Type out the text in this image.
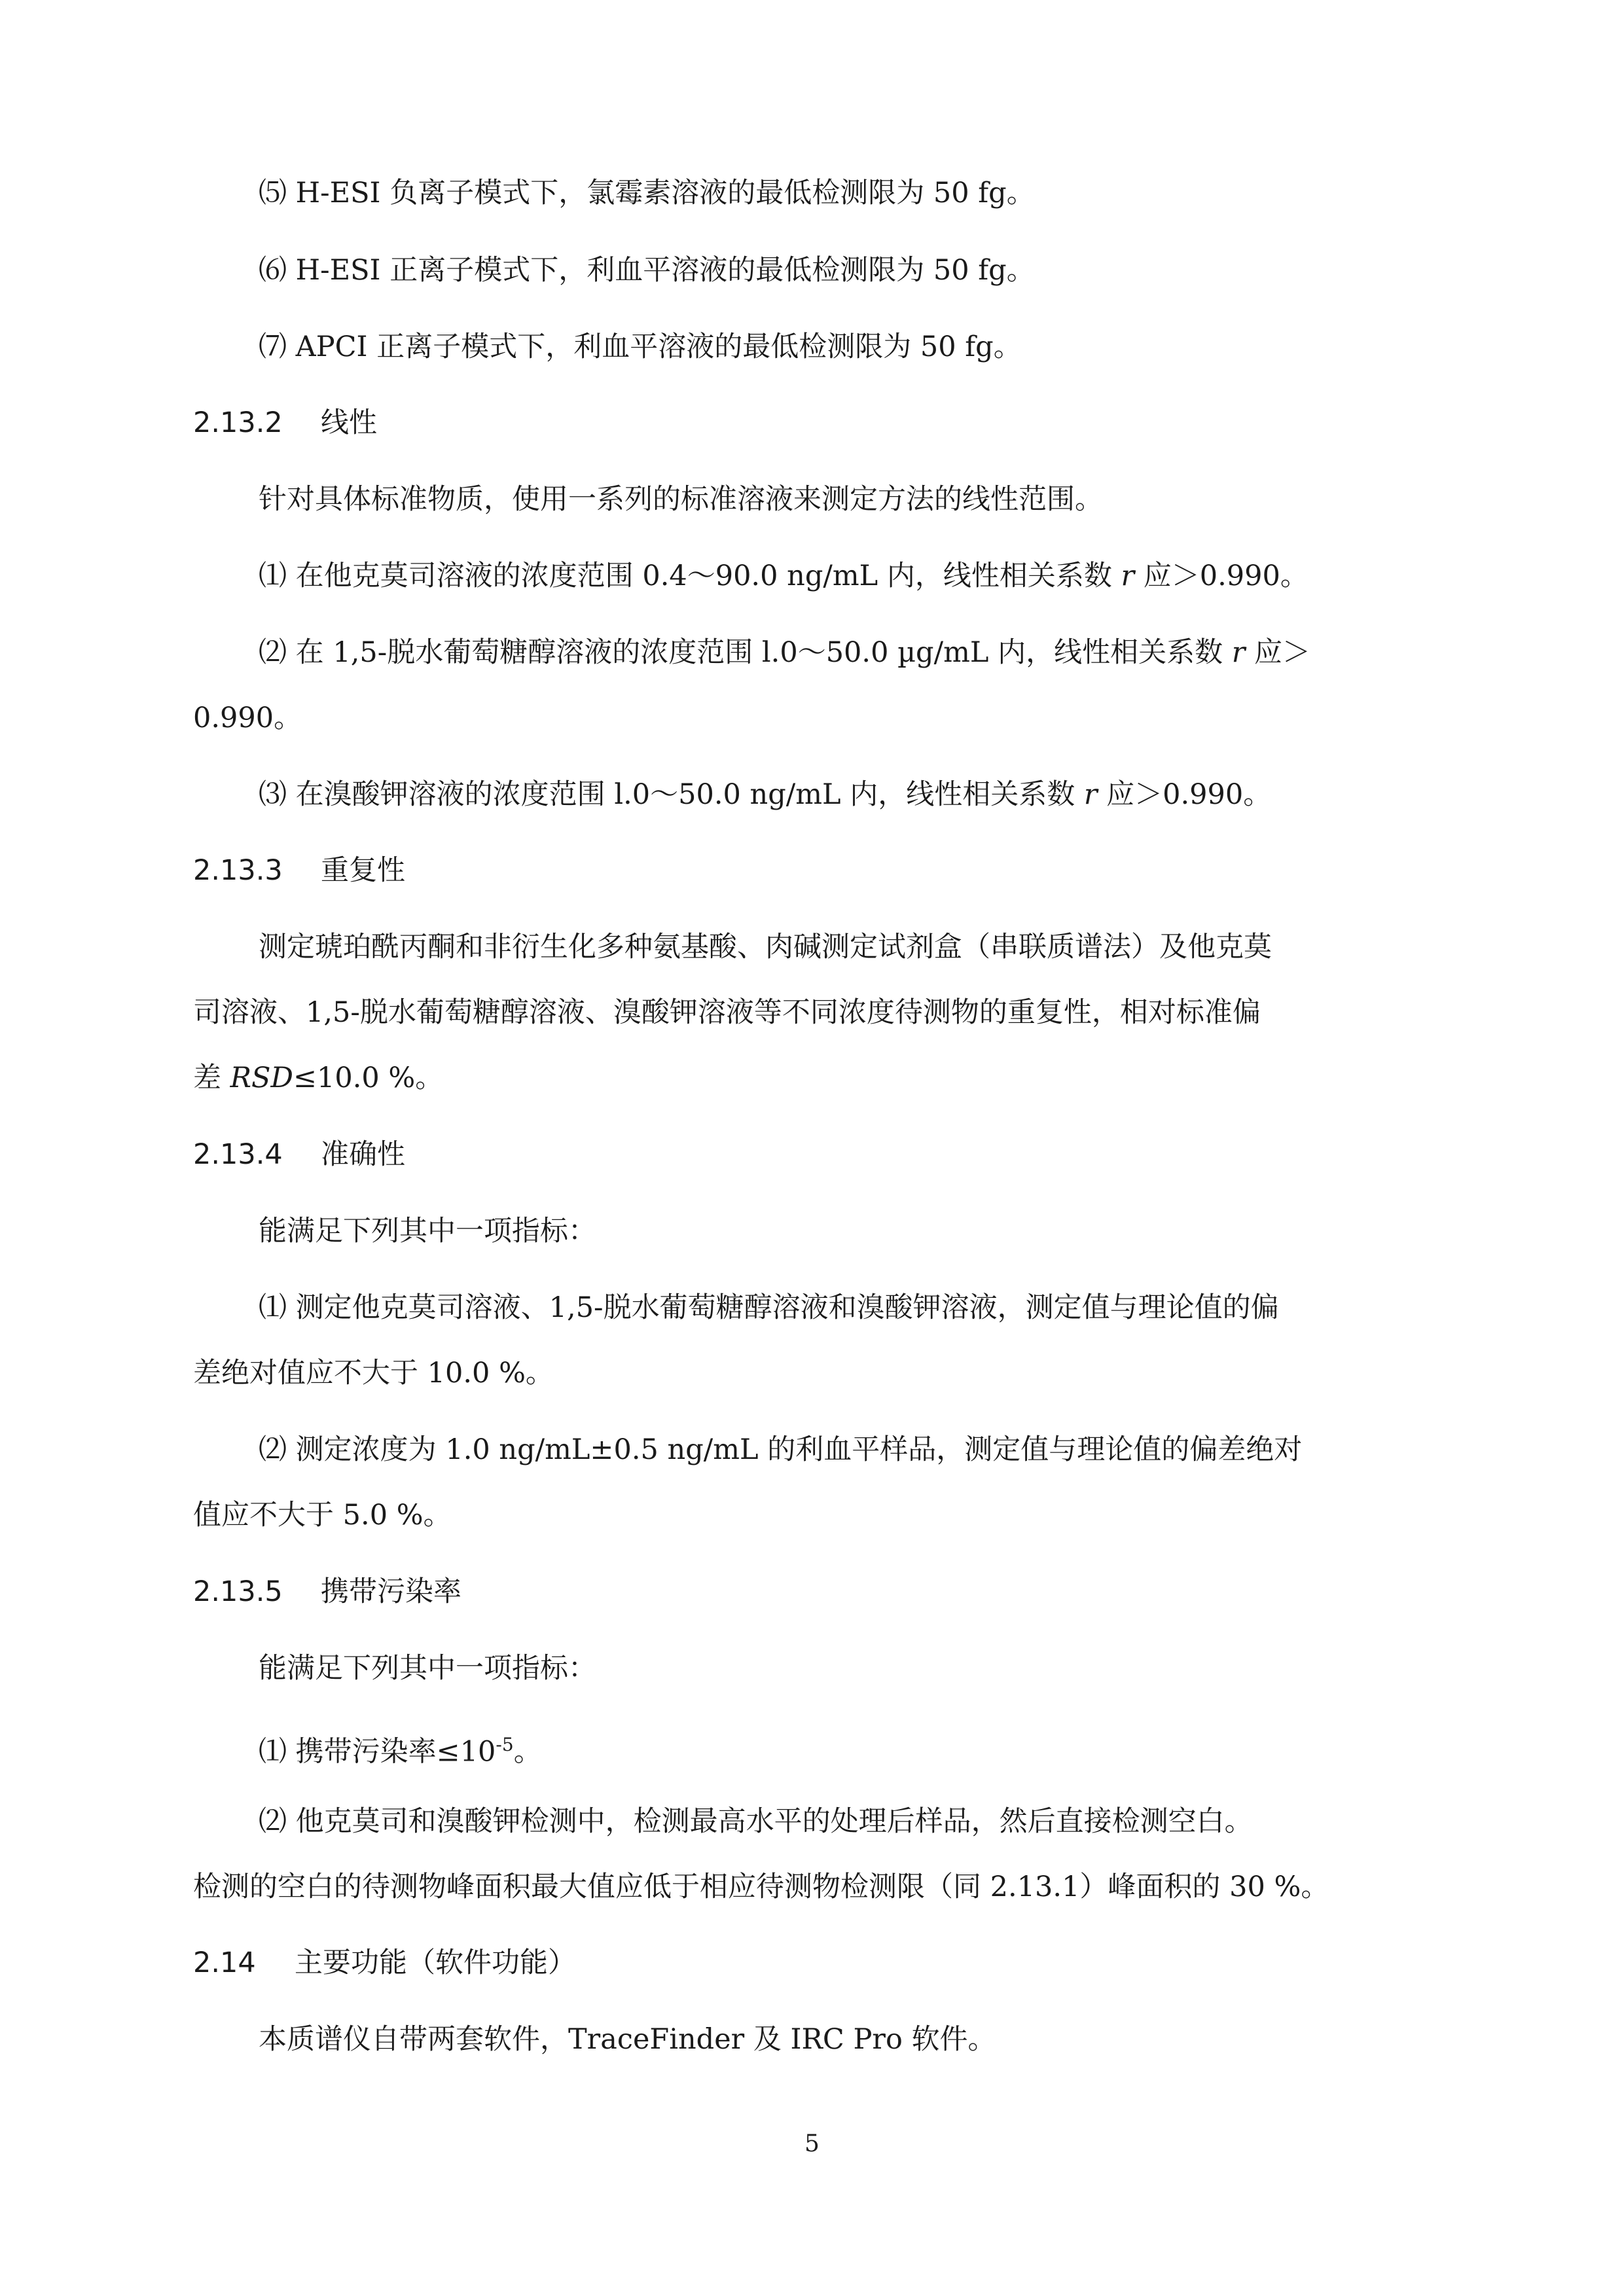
⑸ H-ESI 负离子模式下，氯霉素溶液的最低检测限为 50 fg。
⑹ H-ESI 正离子模式下，利血平溶液的最低检测限为 50 fg。
⑺ APCI 正离子模式下，利血平溶液的最低检测限为 50 fg。
2.13.2 线性
针对具体标准物质，使用一系列的标准溶液来测定方法的线性范围。
⑴ 在他克莫司溶液的浓度范围 0.4～90.0 ng/mL 内，线性相关系数 r 应＞0.990。
⑵ 在 1,5-脱水葡萄糖醇溶液的浓度范围 l.0～50.0 µg/mL 内，线性相关系数 r 应＞
0.990。
⑶ 在溴酸钾溶液的浓度范围 l.0～50.0 ng/mL 内，线性相关系数 r 应＞0.990。
2.13.3 重复性
测定琥珀酰丙酮和非衍生化多种氨基酸、肉碱测定试剂盒（串联质谱法）及他克莫
司溶液、1,5-脱水葡萄糖醇溶液、溴酸钾溶液等不同浓度待测物的重复性，相对标准偏
差 RSD≤10.0 %。
2.13.4 准确性
能满足下列其中一项指标：
⑴ 测定他克莫司溶液、1,5-脱水葡萄糖醇溶液和溴酸钾溶液，测定值与理论值的偏
差绝对值应不大于 10.0 %。
⑵ 测定浓度为 1.0 ng/mL±0.5 ng/mL 的利血平样品，测定值与理论值的偏差绝对
值应不大于 5.0 %。
2.13.5 携带污染率
能满足下列其中一项指标：
⑴ 携带污染率$\le 10^{-5}$。
⑵ 他克莫司和溴酸钾检测中，检测最高水平的处理后样品，然后直接检测空白。
检测的空白的待测物峰面积最大值应低于相应待测物检测限（同 2.13.1）峰面积的 30 %。
2.14 主要功能（软件功能）
本质谱仪自带两套软件，TraceFinder 及 IRC Pro 软件。
5
